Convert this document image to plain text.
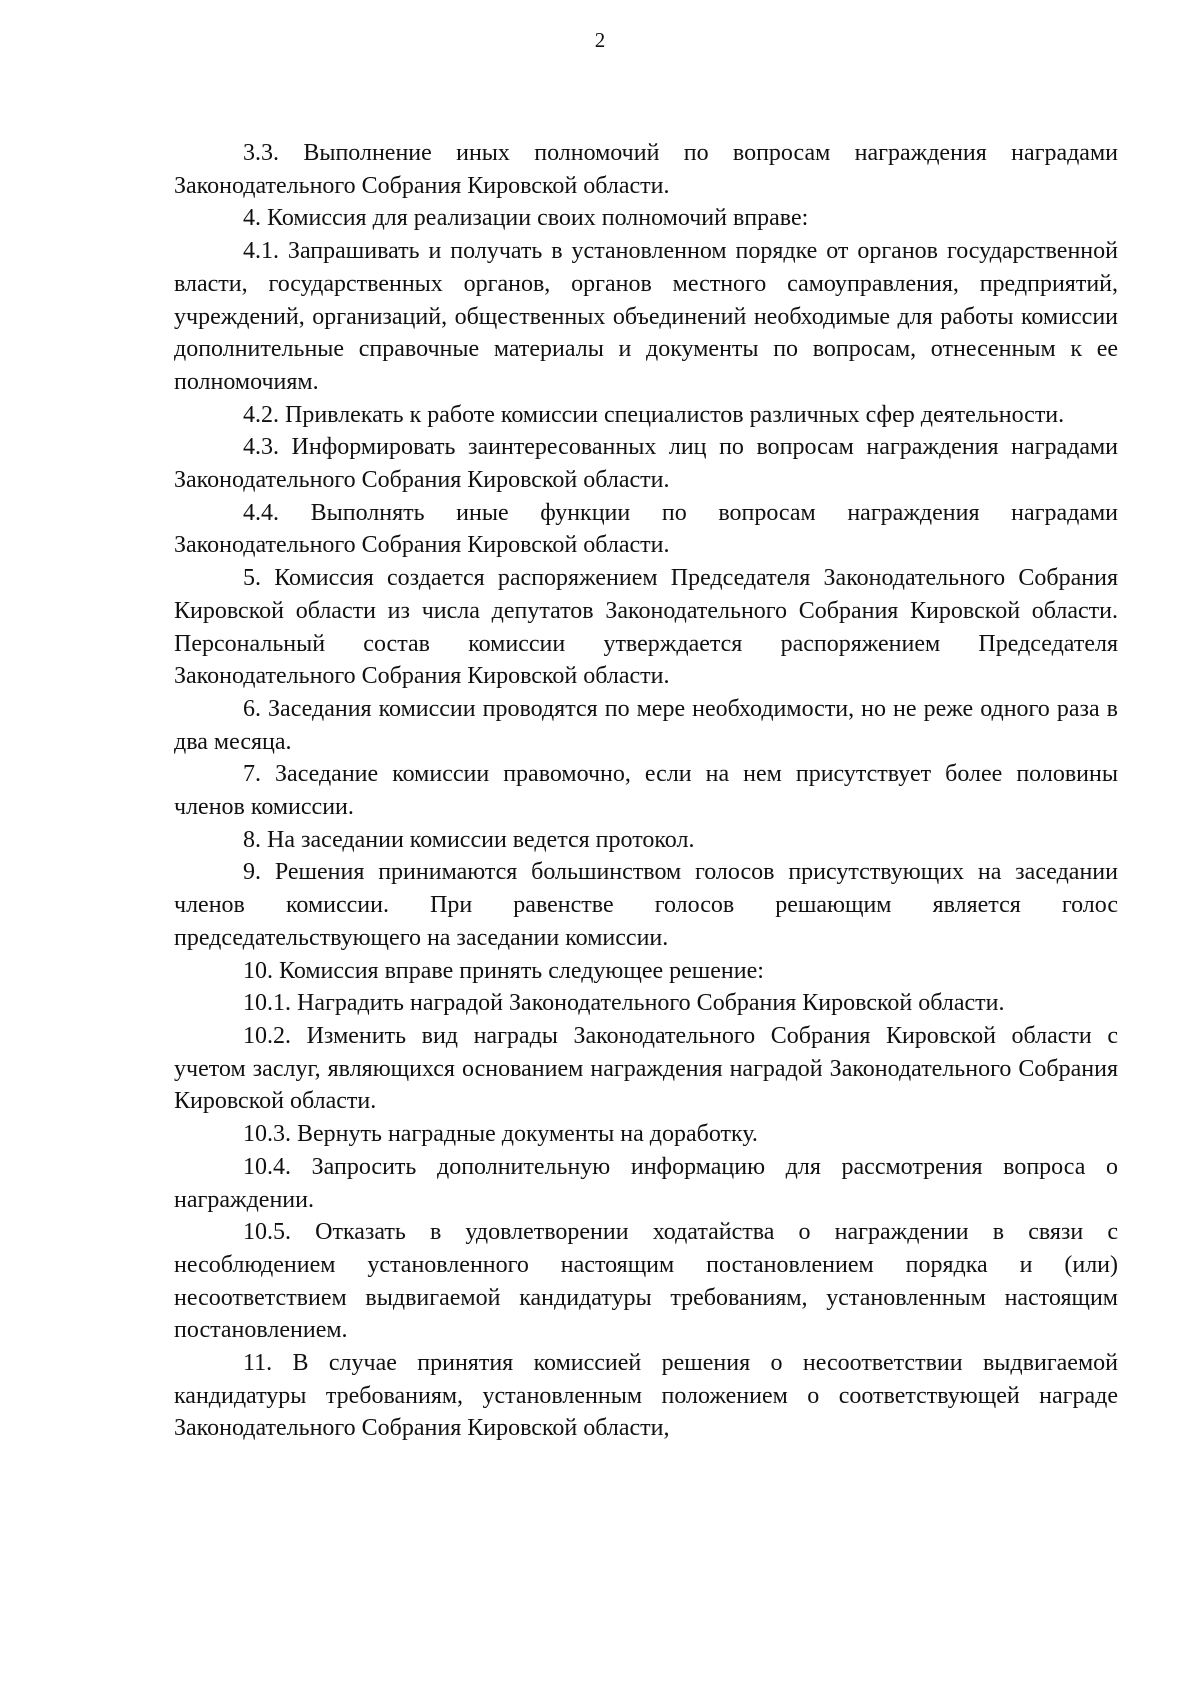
2

3.3. Выполнение иных полномочий по вопросам награждения наградами Законодательного Собрания Кировской области.

4. Комиссия для реализации своих полномочий вправе:

4.1. Запрашивать и получать в установленном порядке от органов государственной власти, государственных органов, органов местного самоуправления, предприятий, учреждений, организаций, общественных объединений необходимые для работы комиссии дополнительные справочные материалы и документы по вопросам, отнесенным к ее полномочиям.

4.2. Привлекать к работе комиссии специалистов различных сфер деятельности.

4.3. Информировать заинтересованных лиц по вопросам награждения наградами Законодательного Собрания Кировской области.

4.4. Выполнять иные функции по вопросам награждения наградами Законодательного Собрания Кировской области.

5. Комиссия создается распоряжением Председателя Законодательного Собрания Кировской области из числа депутатов Законодательного Собрания Кировской области. Персональный состав комиссии утверждается распоряжением Председателя Законодательного Собрания Кировской области.

6. Заседания комиссии проводятся по мере необходимости, но не реже одного раза в два месяца.

7. Заседание комиссии правомочно, если на нем присутствует более половины членов комиссии.

8. На заседании комиссии ведется протокол.

9. Решения принимаются большинством голосов присутствующих на заседании членов комиссии. При равенстве голосов решающим является голос председательствующего на заседании комиссии.

10. Комиссия вправе принять следующее решение:

10.1. Наградить наградой Законодательного Собрания Кировской области.

10.2. Изменить вид награды Законодательного Собрания Кировской области с учетом заслуг, являющихся основанием награждения наградой Законодательного Собрания Кировской области.

10.3. Вернуть наградные документы на доработку.

10.4. Запросить дополнительную информацию для рассмотрения вопроса о награждении.

10.5. Отказать в удовлетворении ходатайства о награждении в связи с несоблюдением установленного настоящим постановлением порядка и (или) несоответствием выдвигаемой кандидатуры требованиям, установленным настоящим постановлением.

11. В случае принятия комиссией решения о несоответствии выдвигаемой кандидатуры требованиям, установленным положением о соответствующей награде Законодательного Собрания Кировской области,
